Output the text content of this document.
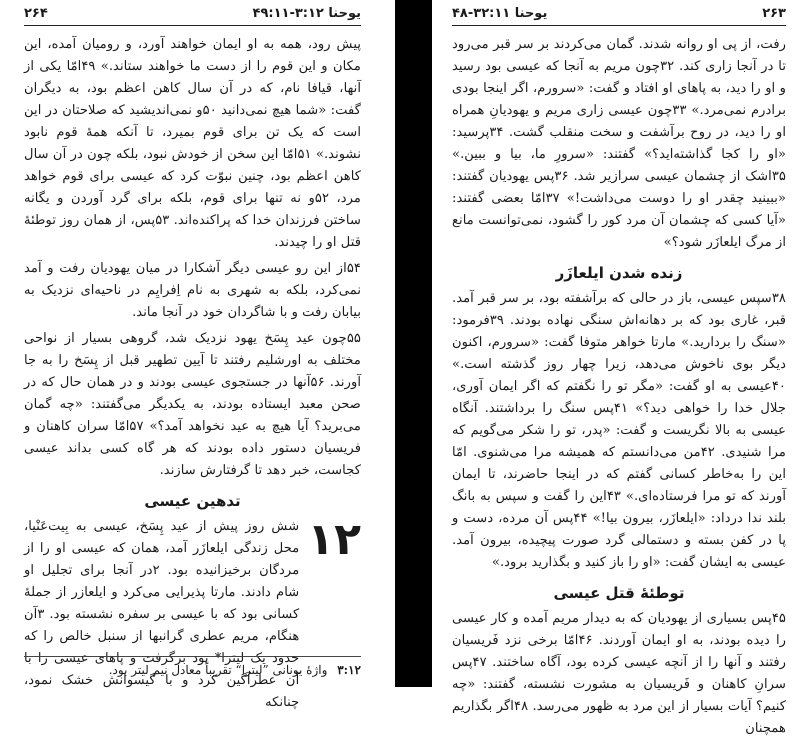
یوحنا ۳:۱۲-۴۹:۱۱
۲۶۴

پیش رود، همه به او ایمان خواهند آورد، و رومیان آمده، این مکان و این قوم را از دست ما خواهند ستاند.» ۴۹امّا یکی از آنها، قیافا نام، که در آن سال کاهن اعظم بود، به دیگران گفت: «شما هیچ نمی‌دانید ۵۰و نمی‌اندیشید که صلاحتان در این است که یک تن برای قوم بمیرد، تا آنکه همهٔ قوم نابود نشوند.» ۵۱امّا این سخن از خودش نبود، بلکه چون در آن سال کاهن اعظم بود، چنین نبوّت کرد که عیسی برای قوم خواهد مرد، ۵۲و نه تنها برای قوم، بلکه برای گرد آوردن و یگانه ساختن فرزندان خدا که پراکنده‌اند. ۵۳پس، از همان روز توطئهٔ قتل او را چیدند.

۵۴از این رو عیسی دیگر آشکارا در میان یهودیان رفت و آمد نمی‌کرد، بلکه به شهری به نام اِفرایِم در ناحیه‌ای نزدیک به بیابان رفت و با شاگردان خود در آنجا ماند.

۵۵چون عید پِسَخ یهود نزدیک شد، گروهی بسیار از نواحی مختلف به اورشلیم رفتند تا آیین تطهیر قبل از پِسَخ را به جا آورند. ۵۶آنها در جستجوی عیسی بودند و در همان حال که در صحن معبد ایستاده بودند، به یکدیگر می‌گفتند: «چه گمان می‌برید؟ آیا هیچ به عید نخواهد آمد؟» ۵۷امّا سران کاهنان و فریسیان دستور داده بودند که هر گاه کسی بداند عیسی کجاست، خبر دهد تا گرفتارش سازند.

تدهین عیسی
۱۲

شش روز پیش از عید پِسَخ، عیسی به بِیت‌عَنْیا، محل زندگی ایلعازَر آمد، همان که عیسی او را از مردگان برخیزانیده بود. ۲در آنجا برای تجلیل او شام دادند. مارتا پذیرایی می‌کرد و ایلعازر از جملهٔ کسانی بود که با عیسی بر سفره نشسته بود. ۳آن هنگام، مریم عطری گرانبها از سنبل خالص را که حدود یک لیترا* بود برگرفت و پاهای عیسی را با آن عطرآگین کرد و با گیسوانش خشک نمود، چنانکه

۳:۱۲ واژهٔ یونانی ”لیترا“ تقریباً معادل نیم لیتر بود.
۲۶۳
یوحنا ۳۲:۱۱-۴۸

رفت، از پی او روانه شدند. گمان می‌کردند بر سر قبر می‌رود تا در آنجا زاری کند. ۳۲چون مریم به آنجا که عیسی بود رسید و او را دید، به پاهای او افتاد و گفت: «سرورم، اگر اینجا بودی برادرم نمی‌مرد.» ۳۳چون عیسی زاری مریم و یهودیانِ همراه او را دید، در روح برآشفت و سخت منقلب گشت. ۳۴پرسید: «او را کجا گذاشته‌اید؟» گفتند: «سرورِ ما، بیا و ببین.» ۳۵اشک از چشمان عیسی سرازیر شد. ۳۶پس یهودیان گفتند: «ببینید چقدر او را دوست می‌داشت!» ۳۷امّا بعضی گفتند: «آیا کسی که چشمان آن مرد کور را گشود، نمی‌توانست مانع از مرگ ایلعازَر شود؟»

زنده شدن ایلعازَر

۳۸سپس عیسی، باز در حالی که برآشفته بود، بر سر قبر آمد. قبر، غاری بود که بر دهانه‌اش سنگی نهاده بودند. ۳۹فرمود: «سنگ را بردارید.» مارتا خواهر متوفا گفت: «سرورم، اکنون دیگر بوی ناخوش می‌دهد، زیرا چهار روز گذشته است.» ۴۰عیسی به او گفت: «مگر تو را نگفتم که اگر ایمان آوری، جلال خدا را خواهی دید؟» ۴۱پس سنگ را برداشتند. آنگاه عیسی به بالا نگریست و گفت: «پدر، تو را شکر می‌گویم که مرا شنیدی. ۴۲من می‌دانستم که همیشه مرا می‌شنوی. امّا این را به‌خاطر کسانی گفتم که در اینجا حاضرند، تا ایمان آورند که تو مرا فرستاده‌ای.» ۴۳این را گفت و سپس به بانگ بلند ندا درداد: «ایلعازَر، بیرون بیا!» ۴۴پس آن مرده، دست و پا در کفن بسته و دستمالی گرد صورت پیچیده، بیرون آمد. عیسی به ایشان گفت: «او را باز کنید و بگذارید برود.»

توطئهٔ قتل عیسی

۴۵پس بسیاری از یهودیان که به دیدار مریم آمده و کار عیسی را دیده بودند، به او ایمان آوردند. ۴۶امّا برخی نزد فَریسیان رفتند و آنها را از آنچه عیسی کرده بود، آگاه ساختند. ۴۷پس سرانِ کاهنان و فَریسیان به مشورت نشسته، گفتند: «چه کنیم؟ آیات بسیار از این مرد به ظهور می‌رسد. ۴۸اگر بگذاریم همچنان
